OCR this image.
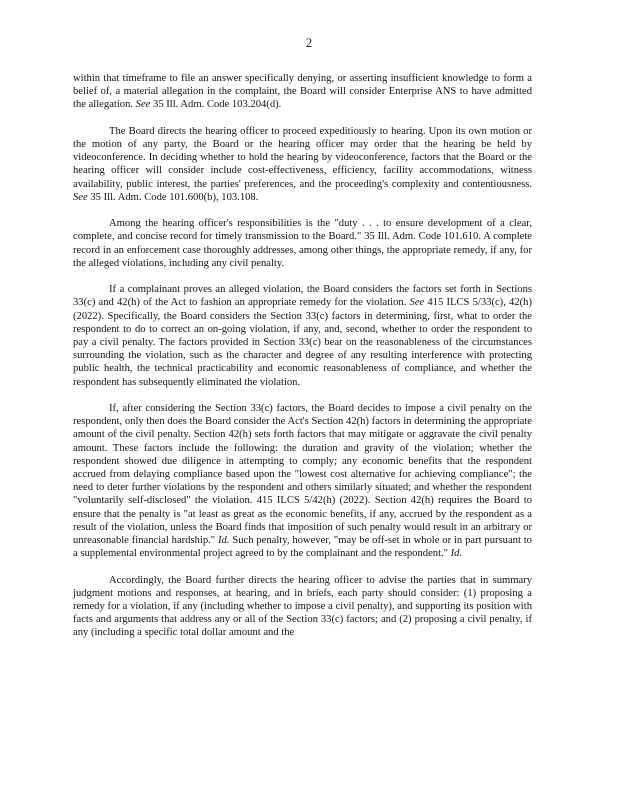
2

within that timeframe to file an answer specifically denying, or asserting insufficient knowledge to form a belief of, a material allegation in the complaint, the Board will consider Enterprise ANS to have admitted the allegation. See 35 Ill. Adm. Code 103.204(d).

The Board directs the hearing officer to proceed expeditiously to hearing. Upon its own motion or the motion of any party, the Board or the hearing officer may order that the hearing be held by videoconference. In deciding whether to hold the hearing by videoconference, factors that the Board or the hearing officer will consider include cost-effectiveness, efficiency, facility accommodations, witness availability, public interest, the parties' preferences, and the proceeding's complexity and contentiousness. See 35 Ill. Adm. Code 101.600(b), 103.108.

Among the hearing officer's responsibilities is the "duty . . . to ensure development of a clear, complete, and concise record for timely transmission to the Board." 35 Ill. Adm. Code 101.610. A complete record in an enforcement case thoroughly addresses, among other things, the appropriate remedy, if any, for the alleged violations, including any civil penalty.

If a complainant proves an alleged violation, the Board considers the factors set forth in Sections 33(c) and 42(h) of the Act to fashion an appropriate remedy for the violation. See 415 ILCS 5/33(c), 42(h) (2022). Specifically, the Board considers the Section 33(c) factors in determining, first, what to order the respondent to do to correct an on-going violation, if any, and, second, whether to order the respondent to pay a civil penalty. The factors provided in Section 33(c) bear on the reasonableness of the circumstances surrounding the violation, such as the character and degree of any resulting interference with protecting public health, the technical practicability and economic reasonableness of compliance, and whether the respondent has subsequently eliminated the violation.

If, after considering the Section 33(c) factors, the Board decides to impose a civil penalty on the respondent, only then does the Board consider the Act's Section 42(h) factors in determining the appropriate amount of the civil penalty. Section 42(h) sets forth factors that may mitigate or aggravate the civil penalty amount. These factors include the following: the duration and gravity of the violation; whether the respondent showed due diligence in attempting to comply; any economic benefits that the respondent accrued from delaying compliance based upon the "lowest cost alternative for achieving compliance"; the need to deter further violations by the respondent and others similarly situated; and whether the respondent "voluntarily self-disclosed" the violation. 415 ILCS 5/42(h) (2022). Section 42(h) requires the Board to ensure that the penalty is "at least as great as the economic benefits, if any, accrued by the respondent as a result of the violation, unless the Board finds that imposition of such penalty would result in an arbitrary or unreasonable financial hardship." Id. Such penalty, however, "may be off-set in whole or in part pursuant to a supplemental environmental project agreed to by the complainant and the respondent." Id.

Accordingly, the Board further directs the hearing officer to advise the parties that in summary judgment motions and responses, at hearing, and in briefs, each party should consider: (1) proposing a remedy for a violation, if any (including whether to impose a civil penalty), and supporting its position with facts and arguments that address any or all of the Section 33(c) factors; and (2) proposing a civil penalty, if any (including a specific total dollar amount and the
